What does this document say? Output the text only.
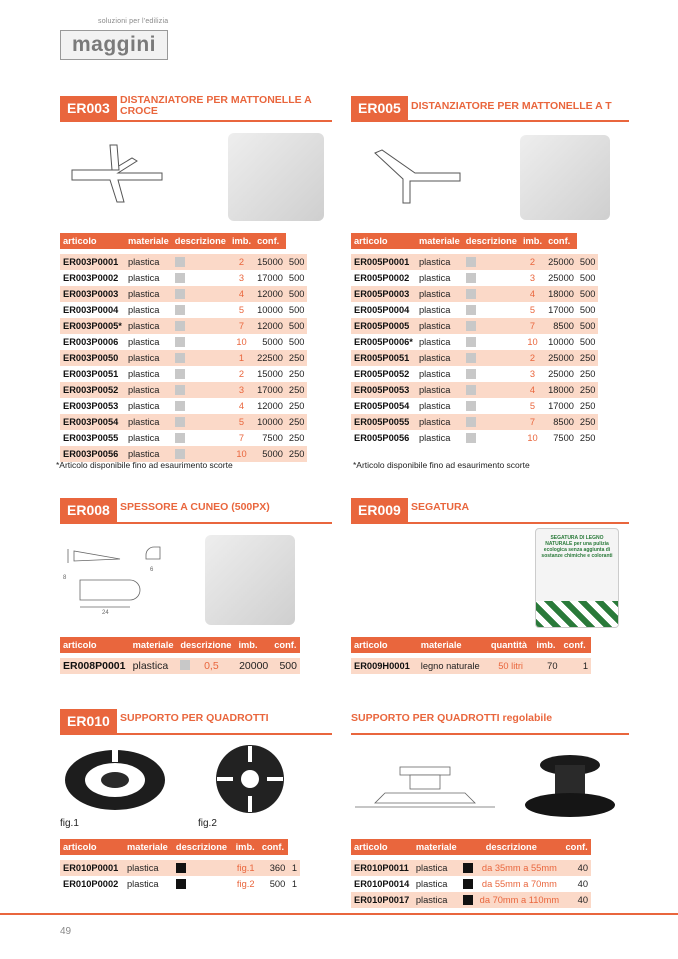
soluzioni per l'edilizia
maggini
ER003 DISTANZIATORE PER MATTONELLE A CROCE
articolo	materiale	descrizione	imb.	conf.	

ER003P0001	plastica		2	15000	500
ER003P0002	plastica		3	17000	500
ER003P0003	plastica		4	12000	500
ER003P0004	plastica		5	10000	500
ER003P0005*	plastica		7	12000	500
ER003P0006	plastica		10	5000	500
ER003P0050	plastica		1	22500	250
ER003P0051	plastica		2	15000	250
ER003P0052	plastica		3	17000	250
ER003P0053	plastica		4	12000	250
ER003P0054	plastica		5	10000	250
ER003P0055	plastica		7	7500	250
ER003P0056	plastica		10	5000	250
*Articolo disponibile fino ad esaurimento scorte
ER005 DISTANZIATORE PER MATTONELLE A T
articolo	materiale	descrizione	imb.	conf.	

ER005P0001	plastica		2	25000	500
ER005P0002	plastica		3	25000	500
ER005P0003	plastica		4	18000	500
ER005P0004	plastica		5	17000	500
ER005P0005	plastica		7	8500	500
ER005P0006*	plastica		10	10000	500
ER005P0051	plastica		2	25000	250
ER005P0052	plastica		3	25000	250
ER005P0053	plastica		4	18000	250
ER005P0054	plastica		5	17000	250
ER005P0055	plastica		7	8500	250
ER005P0056	plastica		10	7500	250
*Articolo disponibile fino ad esaurimento scorte
ER008 SPESSORE A CUNEO (500PX)
8
24
6
articolo	materiale	descrizione	imb.	conf.

ER008P0001	plastica	0,5	20000	500
ER009 SEGATURA
SEGATURA DI LEGNO NATURALE per una pulizia ecologica senza aggiunta di sostanze chimiche e coloranti
articolo	materiale	quantità	imb.	conf.

ER009H0001	legno naturale	50 litri	70	1
ER010 SUPPORTO PER QUADROTTI
fig.1	fig.2
articolo	materiale	descrizione	imb.	conf.	

ER010P0001	plastica		fig.1	360	1
ER010P0002	plastica		fig.2	500	1
SUPPORTO PER QUADROTTI regolabile
articolo	materiale	descrizione		conf.

ER010P0011	plastica		da 35mm a 55mm	40
ER010P0014	plastica		da 55mm a 70mm	40
ER010P0017	plastica		da 70mm a 110mm	40
49
